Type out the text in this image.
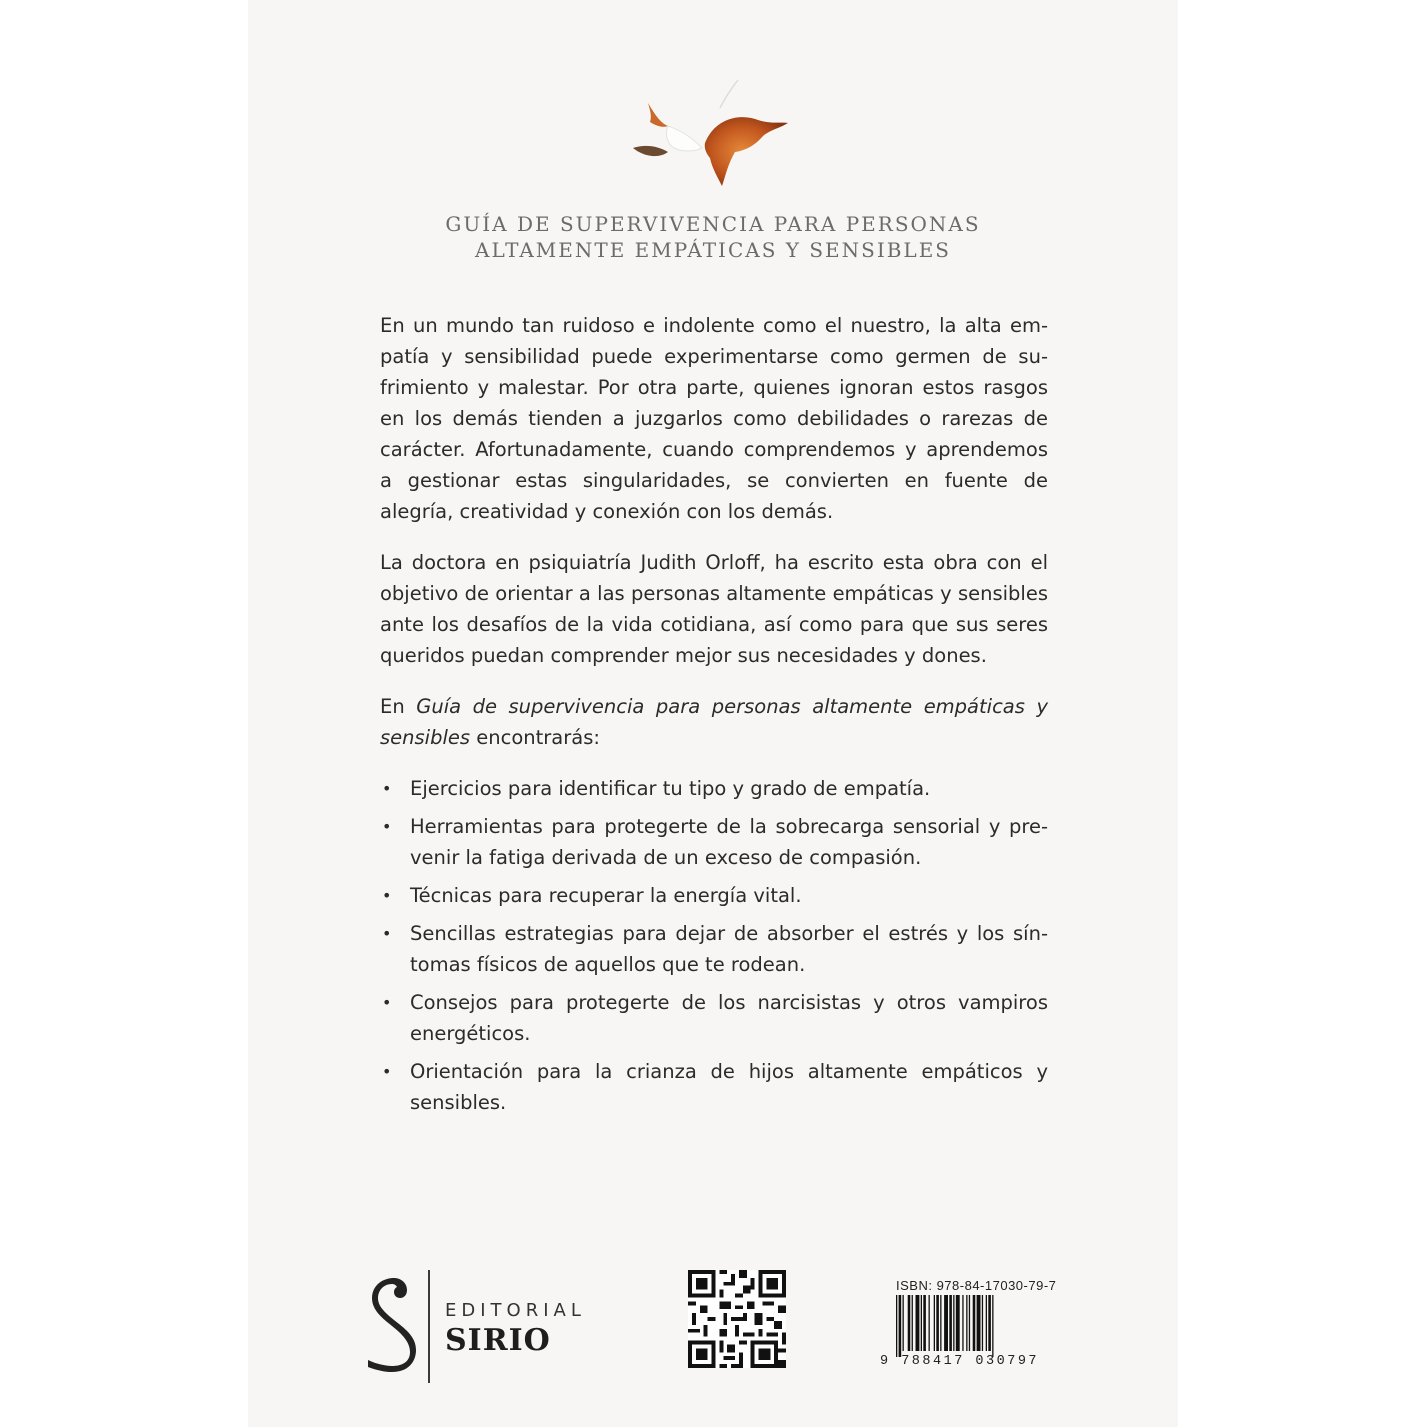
GUÍA DE SUPERVIVENCIA PARA PERSONAS

ALTAMENTE EMPÁTICAS Y SENSIBLES

En un mundo tan ruidoso e indolente como el nuestro, la alta empatía y sensibilidad puede experimentarse como germen de sufrimiento y malestar. Por otra parte, quienes ignoran estos rasgos en los demás tienden a juzgarlos como debilidades o rarezas de carácter. Afortunadamente, cuando comprendemos y aprendemos a gestionar estas singularidades, se convierten en fuente de alegría, creatividad y conexión con los demás.

La doctora en psiquiatría Judith Orloff, ha escrito esta obra con el objetivo de orientar a las personas altamente empáticas y sensibles ante los desafíos de la vida cotidiana, así como para que sus seres queridos puedan comprender mejor sus necesidades y dones.

En Guía de supervivencia para personas altamente empáticas y sensibles encontrarás:

• Ejercicios para identificar tu tipo y grado de empatía.
• Herramientas para protegerte de la sobrecarga sensorial y prevenir la fatiga derivada de un exceso de compasión.
• Técnicas para recuperar la energía vital.
• Sencillas estrategias para dejar de absorber el estrés y los síntomas físicos de aquellos que te rodean.
• Consejos para protegerte de los narcisistas y otros vampiros energéticos.
• Orientación para la crianza de hijos altamente empáticos y sensibles.

EDITORIAL

SIRIO

ISBN: 978-84-17030-79-7

9 788417 030797
